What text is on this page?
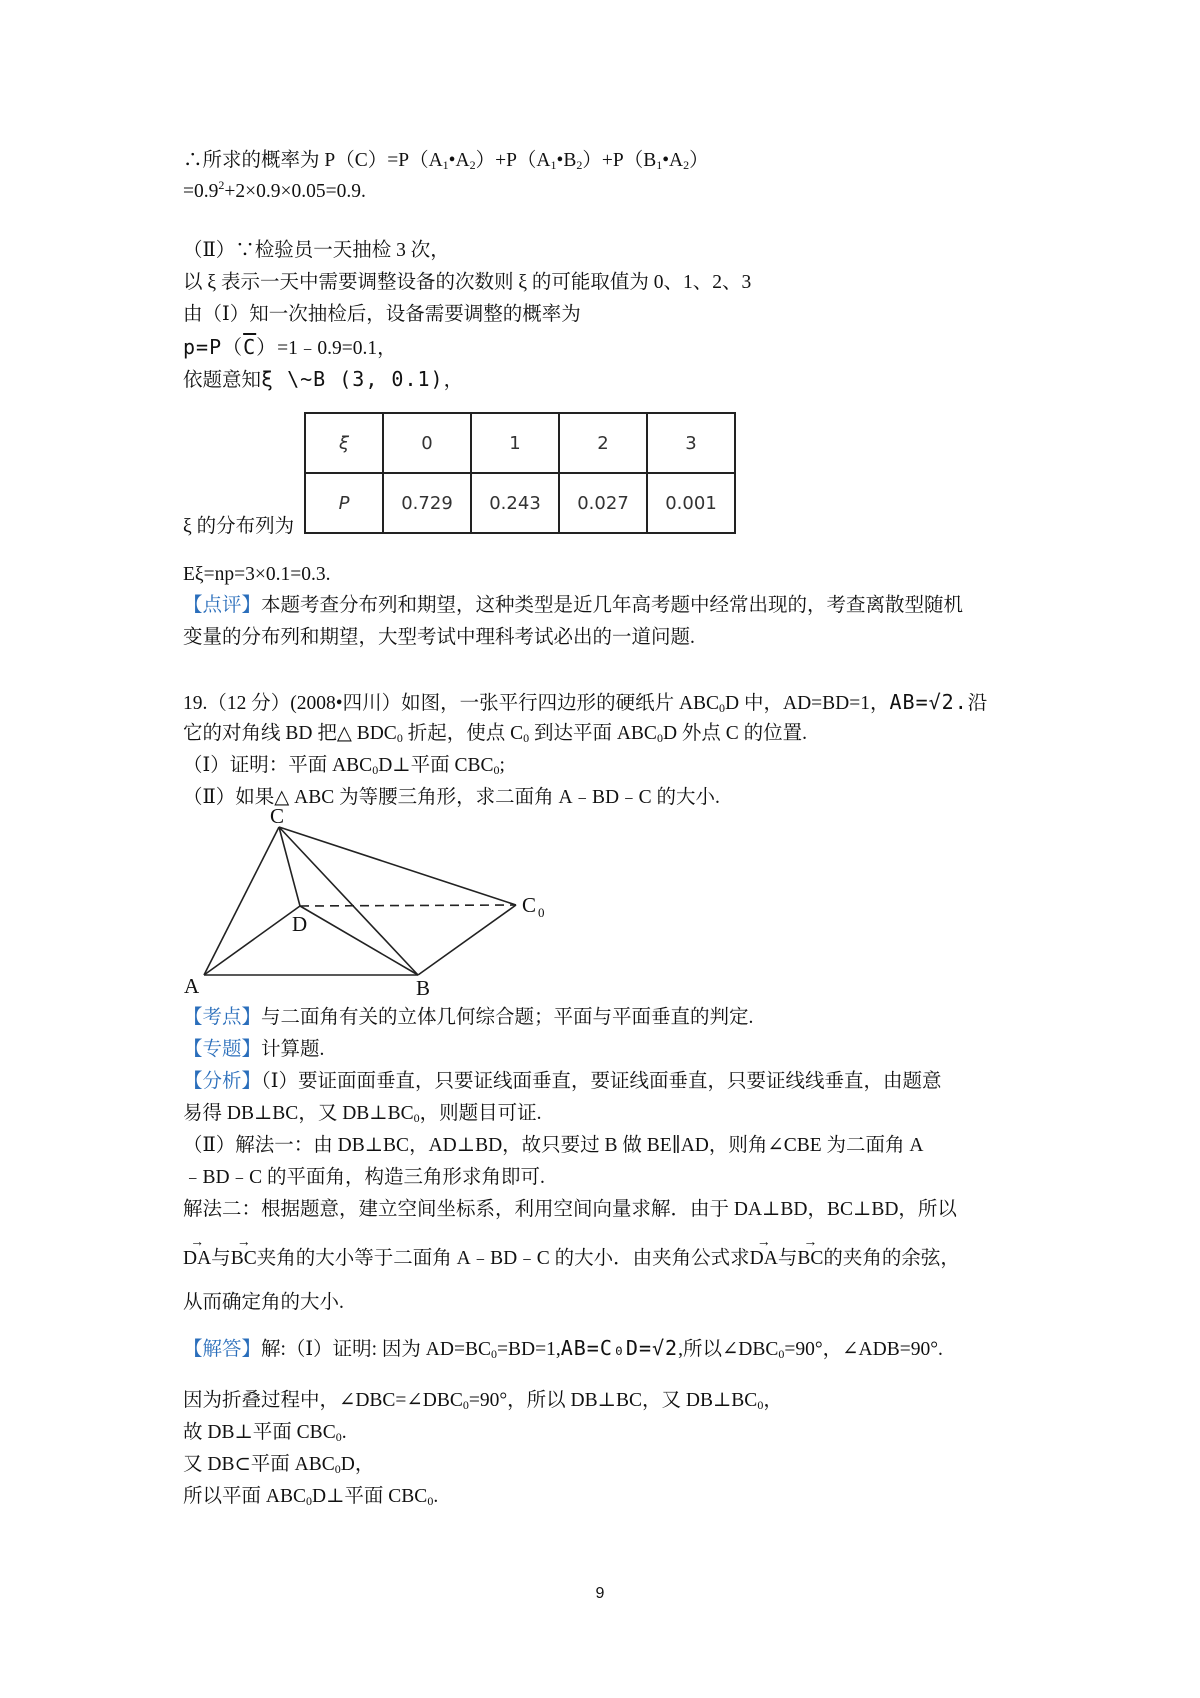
∴所求的概率为 $P(C)=P(A_1•A_2)+P(A_1•B_2)+P(B_1•A_2)$
$=0.9^2+2\times 0.9\times 0.05=0.9$.
（Ⅱ）∵检验员一天抽检 3 次，
以 ξ 表示一天中需要调整设备的次数则 ξ 的可能取值为 0、1、2、3
由（Ⅰ）知一次抽检后，设备需要调整的概率为
$p=P(\overline{C})=1﹣0.9=0.1$，
依题意知ξ \~B (3, 0.1)，
ξ	0	1	2	3
P	0.729	0.243	0.027	0.001
ξ 的分布列为
Eξ=np=3×0.1=0.3.
【点评】本题考查分布列和期望，这种类型是近几年高考题中经常出现的，考查离散型随机
变量的分布列和期望，大型考试中理科考试必出的一道问题.
19.（12 分）(2008•四川）如图，一张平行四边形的硬纸片 $ABC_0D$ 中，AD=BD=1，AB=√2.沿
它的对角线 BD 把△ $BDC_0$ 折起，使点 $C_0$ 到达平面 $ABC_0D$ 外点 C 的位置.
（Ⅰ）证明：平面 $ABC_0D\perp$平面 $CBC_0$;
（Ⅱ）如果△ ABC 为等腰三角形，求二面角 A﹣BD﹣C 的大小.
C
D
A	B
C 0
【考点】与二面角有关的立体几何综合题；平面与平面垂直的判定.
【专题】计算题.
【分析】（Ⅰ）要证面面垂直，只要证线面垂直，要证线面垂直，只要证线线垂直，由题意
易得 DB⊥BC，又 $DB\perp BC_0$，则题目可证.
（Ⅱ）解法一：由 DB⊥BC，AD⊥BD，故只要过 B 做 BE∥AD，则角∠CBE 为二面角 A
﹣BD﹣C 的平面角，构造三角形求角即可.
解法二：根据题意，建立空间坐标系，利用空间向量求解．由于 DA⊥BD，BC⊥BD，所以
→ DA与→ BC夹角的大小等于二面角 A﹣BD﹣C 的大小．由夹角公式求→ DA与→ BC的夹角的余弦，
从而确定角的大小.
【解答】解:（Ⅰ）证明: 因为 $AD=BC_0=BD=1,AB=C_0D=√2$,所以$\angle DBC_0=90^\circ$，∠ADB=90°.
因为折叠过程中，$\angle DBC=\angle DBC_0=90^\circ$，所以 DB⊥BC，又 $DB\perp BC_0$，
故 DB⊥平面 $CBC_0$.
又 DB⊂平面 $ABC_0D$，
所以平面 $ABC_0D\perp$平面 $CBC_0$.
9
